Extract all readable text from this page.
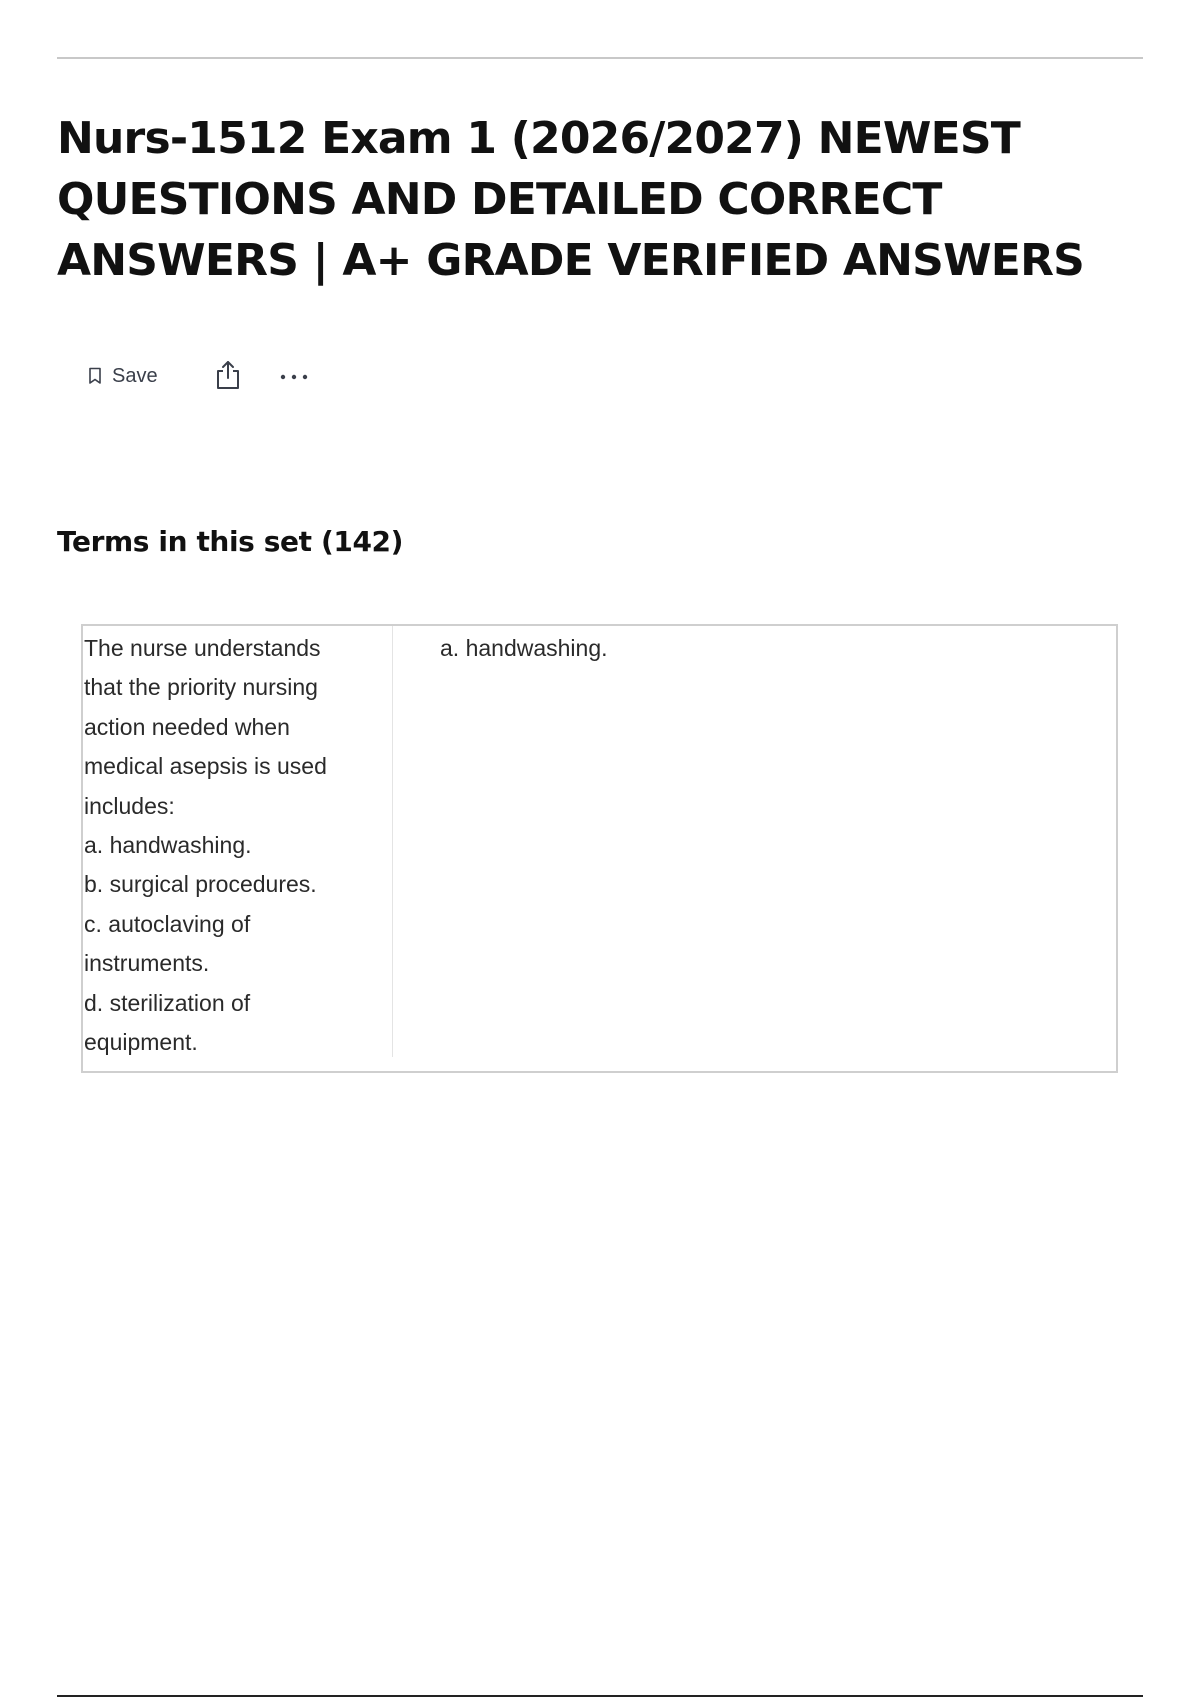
Nurs-1512 Exam 1 (2026/2027) NEWEST QUESTIONS AND DETAILED CORRECT ANSWERS | A+ GRADE VERIFIED ANSWERS
Save
Terms in this set (142)

The nurse understands
that the priority nursing
action needed when
medical asepsis is used
includes:
a. handwashing.
b. surgical procedures.
c. autoclaving of
instruments.
d. sterilization of
equipment.

a. handwashing.
